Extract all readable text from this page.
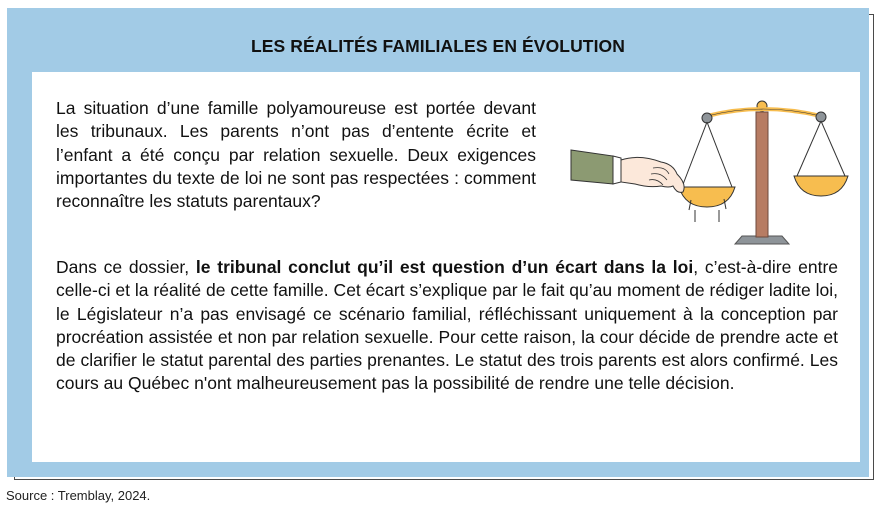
LES RÉALITÉS FAMILIALES EN ÉVOLUTION
La situation d’une famille polyamoureuse est portée devant les tribunaux. Les parents n’ont pas d’entente écrite et l’enfant a été conçu par relation sexuelle. Deux exigences importantes du texte de loi ne sont pas respectées : comment reconnaître les statuts parentaux?
Dans ce dossier, le tribunal conclut qu’il est question d’un écart dans la loi, c’est-à-dire entre celle-ci et la réalité de cette famille. Cet écart s’explique par le fait qu’au moment de rédiger ladite loi, le Législateur n’a pas envisagé ce scénario familial, réfléchissant uniquement à la conception par procréation assistée et non par relation sexuelle. Pour cette raison, la cour décide de prendre acte et de clarifier le statut parental des parties prenantes. Le statut des trois parents est alors confirmé. Les cours au Québec n'ont malheureusement pas la possibilité de rendre une telle décision.
Source : Tremblay, 2024.
